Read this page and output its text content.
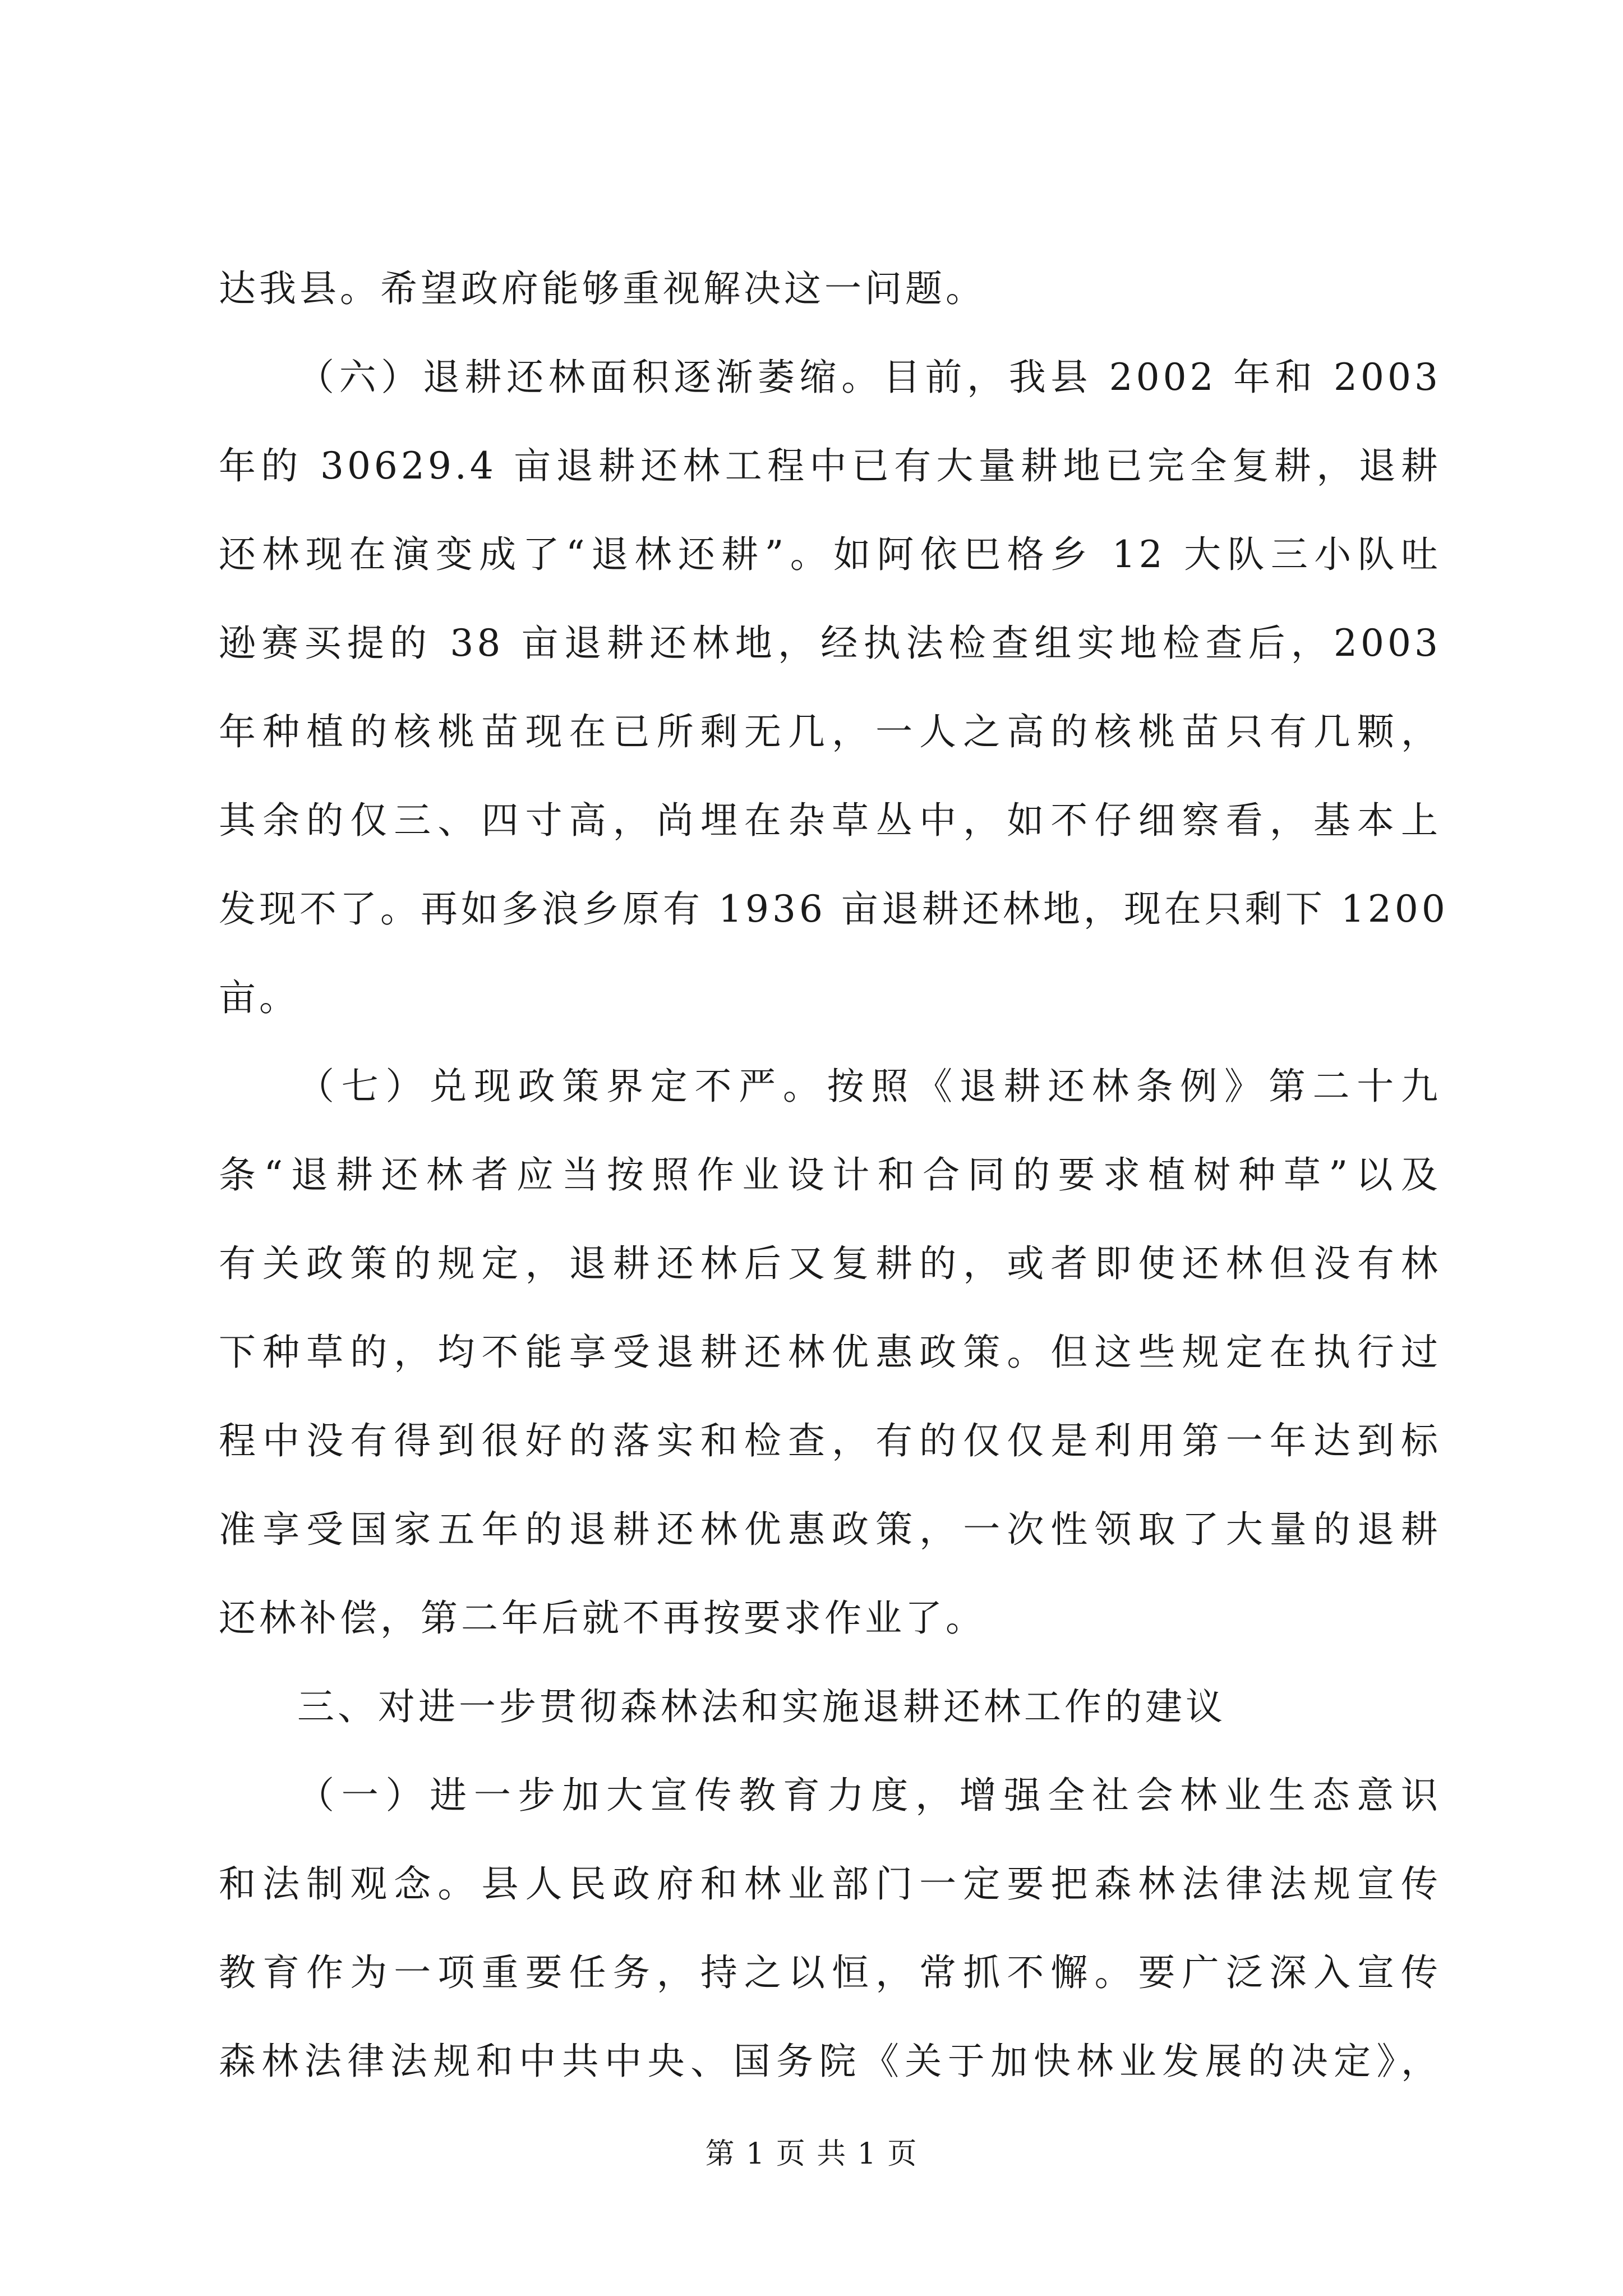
达我县。希望政府能够重视解决这一问题。
（六）退耕还林面积逐渐萎缩。目前，我县 2002 年和 2003
年的 30629.4 亩退耕还林工程中已有大量耕地已完全复耕，退耕
还林现在演变成了“退林还耕”。如阿依巴格乡 12 大队三小队吐
逊赛买提的 38 亩退耕还林地，经执法检查组实地检查后，2003
年种植的核桃苗现在已所剩无几，一人之高的核桃苗只有几颗，
其余的仅三、四寸高，尚埋在杂草丛中，如不仔细察看，基本上
发现不了。再如多浪乡原有 1936 亩退耕还林地，现在只剩下 1200
亩。
（七）兑现政策界定不严。按照《退耕还林条例》第二十九
条“退耕还林者应当按照作业设计和合同的要求植树种草”以及
有关政策的规定，退耕还林后又复耕的，或者即使还林但没有林
下种草的，均不能享受退耕还林优惠政策。但这些规定在执行过
程中没有得到很好的落实和检查，有的仅仅是利用第一年达到标
准享受国家五年的退耕还林优惠政策，一次性领取了大量的退耕
还林补偿，第二年后就不再按要求作业了。
三、对进一步贯彻森林法和实施退耕还林工作的建议
（一）进一步加大宣传教育力度，增强全社会林业生态意识
和法制观念。县人民政府和林业部门一定要把森林法律法规宣传
教育作为一项重要任务，持之以恒，常抓不懈。要广泛深入宣传
森林法律法规和中共中央、国务院《关于加快林业发展的决定》，
第 1 页 共 1 页
